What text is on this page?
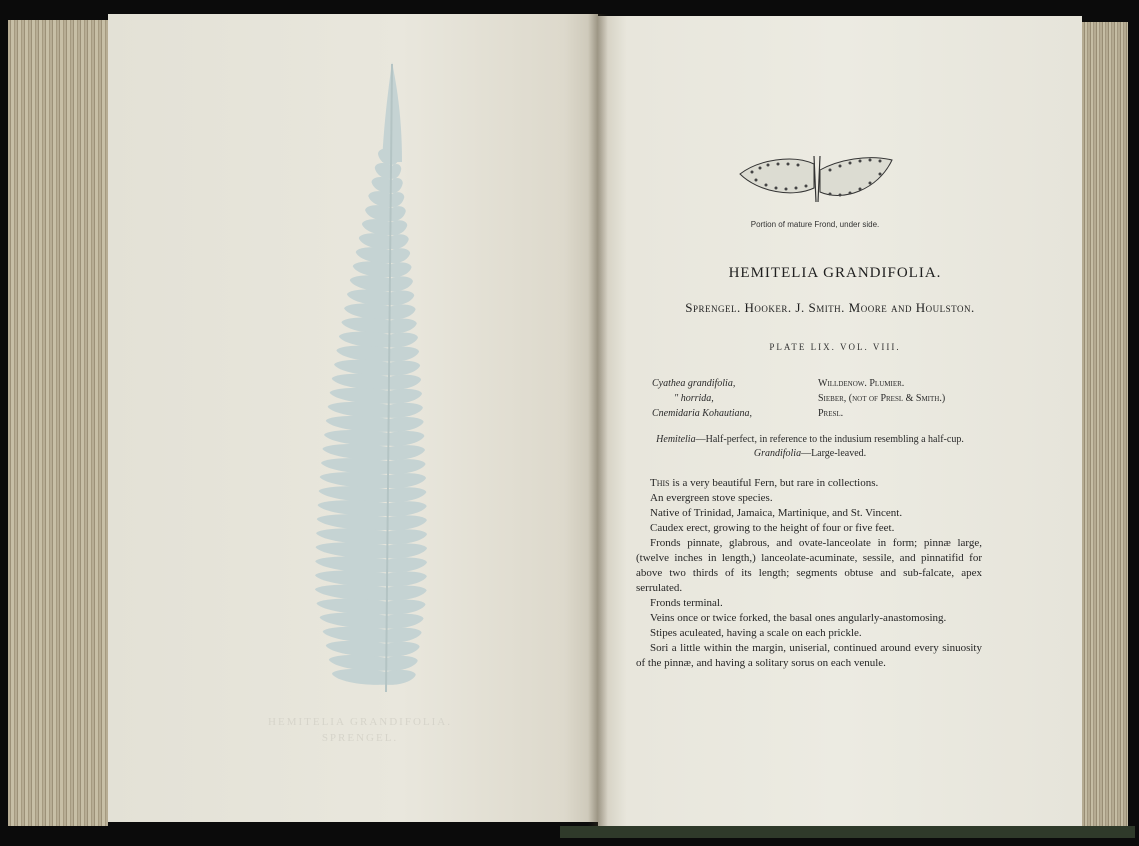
HEMITELIA GRANDIFOLIA.
SPRENGEL.
Portion of mature Frond, under side.
HEMITELIA GRANDIFOLIA.
Sprengel. Hooker. J. Smith. Moore and Houlston.
PLATE LIX. VOL. VIII.
Cyathea grandifolia,
" horrida,
Cnemidaria Kohautiana,
Willdenow. Plumier.
Sieber, (not of Presl & Smith.)
Presl.
Hemitelia—Half-perfect, in reference to the indusium resembling a half-cup.
Grandifolia—Large-leaved.

This is a very beautiful Fern, but rare in collections.

An evergreen stove species.

Native of Trinidad, Jamaica, Martinique, and St. Vincent.

Caudex erect, growing to the height of four or five feet.

Fronds pinnate, glabrous, and ovate-lanceolate in form; pinnæ large, (twelve inches in length,) lanceolate-acuminate, sessile, and pinnatifid for above two thirds of its length; segments obtuse and sub-falcate, apex serrulated.

Fronds terminal.

Veins once or twice forked, the basal ones angularly-anastomosing.

Stipes aculeated, having a scale on each prickle.

Sori a little within the margin, uniserial, continued around every sinuosity of the pinnæ, and having a solitary sorus on each venule.
